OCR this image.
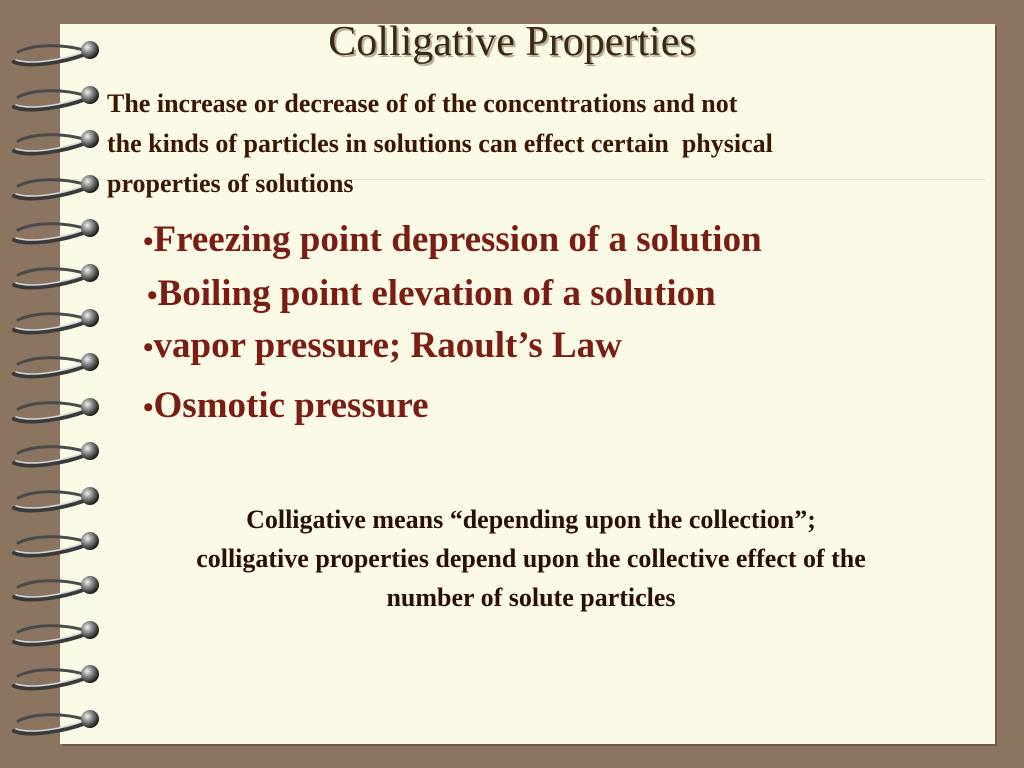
Colligative Properties

The increase or decrease of of the concentrations and not
the kinds of particles in solutions can effect certain  physical
properties of solutions

•Freezing point depression of a solution
•Boiling point elevation of a solution
•vapor pressure; Raoult’s Law
•Osmotic pressure

Colligative means “depending upon the collection”;
colligative properties depend upon the collective effect of the
number of solute particles
